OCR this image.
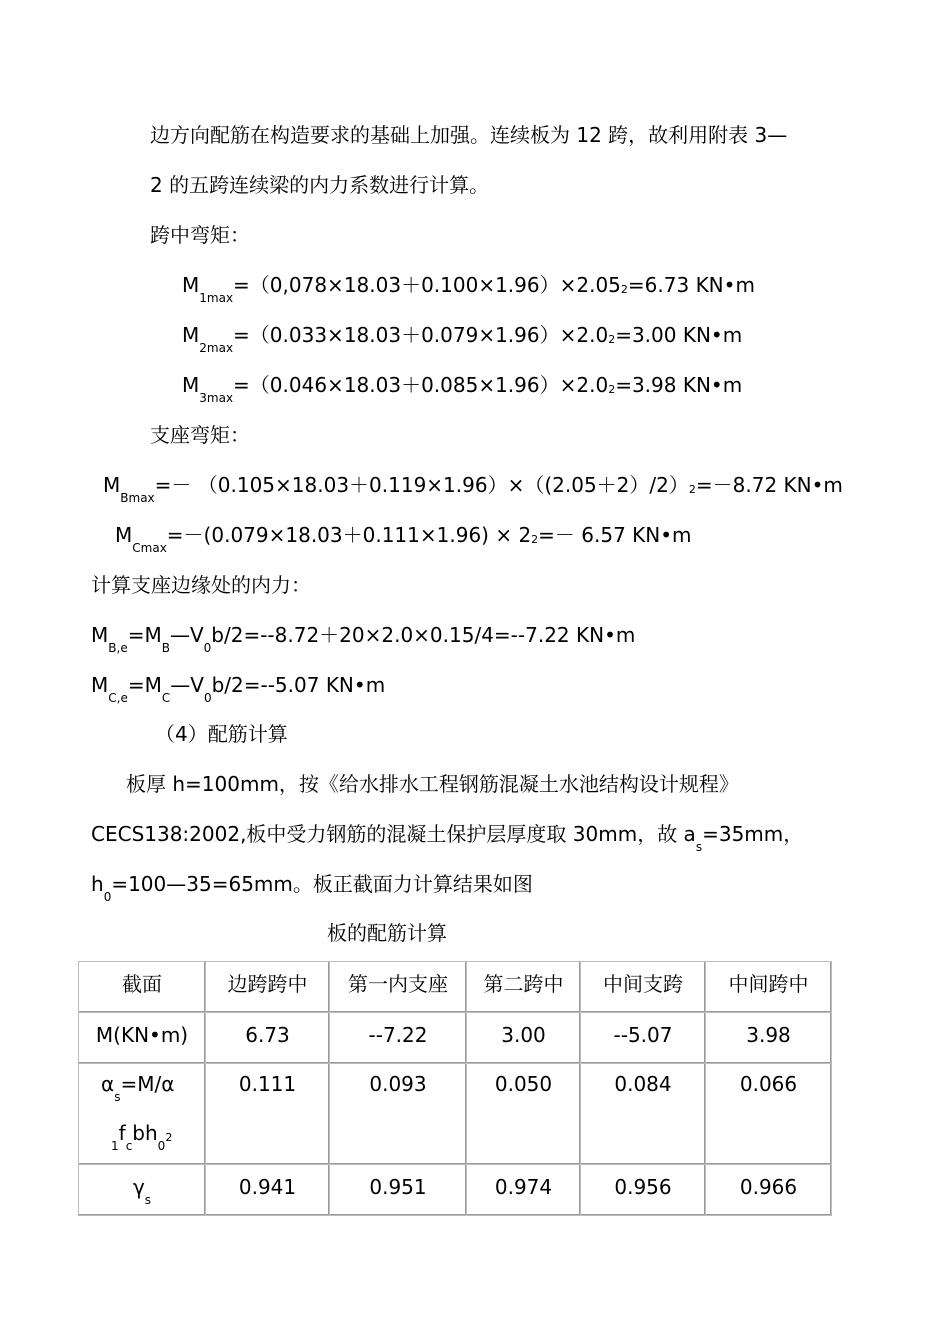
边方向配筋在构造要求的基础上加强。连续板为 12 跨，故利用附表 3—
2 的五跨连续梁的内力系数进行计算。
跨中弯矩：
$M_{1max}=(0,078\times 18.03+0.100\times 1.96)\times 2.052=6.73$ KN•m
$M_{2max}=(0.033\times 18.03+0.079\times 1.96)\times 2.02=3.00$ KN•m
$M_{3max}=(0.046\times 18.03+0.085\times 1.96)\times 2.02=3.98$ KN•m
支座弯矩：
$M_{Bmax}=- (0.105\times 18.03+0.119\times 1.96)\times((2.05+2)/2)2=-8.72$ KN•m
$M_{Cmax}=-(0.079\times 18.03+0.111\times 1.96) \times 22=- 6.57$ KN•m
计算支座边缘处的内力：
$M_{B,e}=M_B—V_0b/2=--8.72+20\times 2.0\times 0.15/4=--7.22$ KN•m
$M_{C,e}=M_C—V_0b/2=--5.07$ KN•m
（4）配筋计算
板厚 h=100mm，按《给水排水工程钢筋混凝土水池结构设计规程》
CECS138:2002,板中受力钢筋的混凝土保护层厚度取 30mm，故 $a_s=35mm$，
$h_0=100—35=65mm$。板正截面力计算结果如图
板的配筋计算
截面	边跨跨中	第一内支座	第二跨中	中间支跨	中间跨中
M(KN•m)	6.73	--7.22	3.00	--5.07	3.98

$\alpha_s=M/\alpha$
$_1f_cbh_02$	0.111	0.093	0.050	0.084	0.066
$\gamma_s$	0.941	0.951	0.974	0.956	0.966
